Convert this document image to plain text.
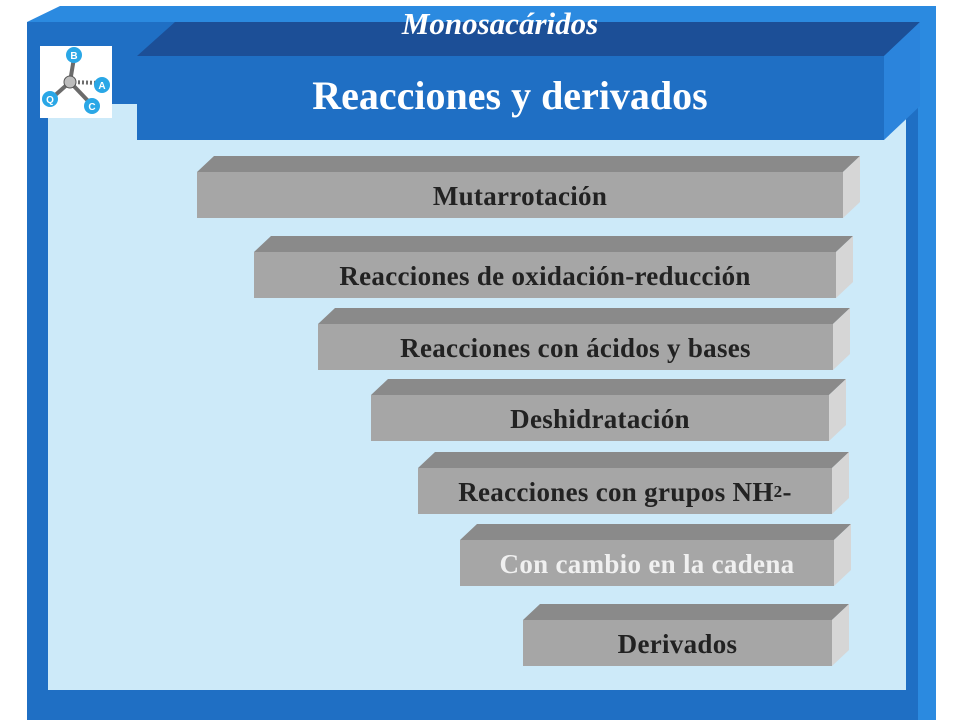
B
A
C
Q
Monosacáridos
Reacciones y derivados
Mutarrotación
Reacciones de oxidación-reducción
Reacciones con ácidos y bases
Deshidratación
Reacciones con grupos NH 2 -
Con cambio en la cadena
Derivados
